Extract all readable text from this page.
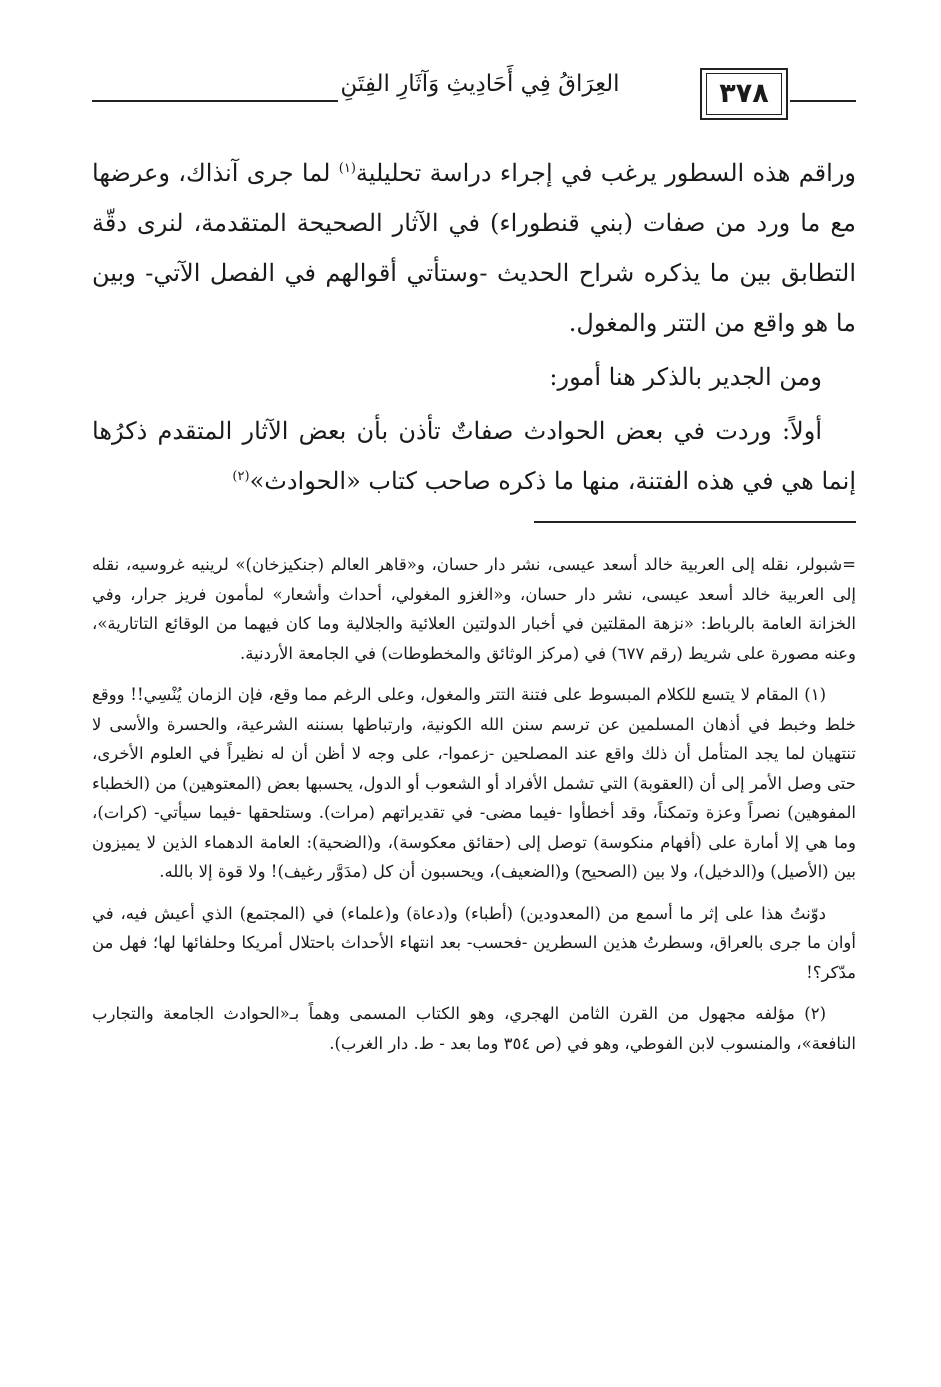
العِرَاقُ فِي أَحَادِيثِ وَآثَارِ الفِتَنِ	٣٧٨

وراقم هذه السطور يرغب في إجراء دراسة تحليلية$^{(١)}$ لما جرى آنذاك، وعرضها مع ما ورد من صفات (بني قنطوراء) في الآثار الصحيحة المتقدمة، لنرى دقّة التطابق بين ما يذكره شراح الحديث -وستأتي أقوالهم في الفصل الآتي- وبين ما هو واقع من التتر والمغول.

ومن الجدير بالذكر هنا أمور:

أولاً: وردت في بعض الحوادث صفاتٌ تأذن بأن بعض الآثار المتقدم ذكرُها إنما هي في هذه الفتنة، منها ما ذكره صاحب كتاب «الحوادث»$^{(٢)}$

=شبولر، نقله إلى العربية خالد أسعد عيسى، نشر دار حسان، و«قاهر العالم (جنكيزخان)» لرينيه غروسيه، نقله إلى العربية خالد أسعد عيسى، نشر دار حسان، و«الغزو المغولي، أحداث وأشعار» لمأمون فريز جرار، وفي الخزانة العامة بالرباط: «نزهة المقلتين في أخبار الدولتين العلائية والجلالية وما كان فيهما من الوقائع التاتارية»، وعنه مصورة على شريط (رقم ٦٧٧) في (مركز الوثائق والمخطوطات) في الجامعة الأردنية.

(١) المقام لا يتسع للكلام المبسوط على فتنة التتر والمغول، وعلى الرغم مما وقع، فإن الزمان يُنْسِي!! ووقع خلط وخبط في أذهان المسلمين عن ترسم سنن الله الكونية، وارتباطها بسننه الشرعية، والحسرة والأسى لا تنتهيان لما يجد المتأمل أن ذلك واقع عند المصلحين -زعموا-، على وجه لا أظن أن له نظيراً في العلوم الأخرى، حتى وصل الأمر إلى أن (العقوبة) التي تشمل الأفراد أو الشعوب أو الدول، يحسبها بعض (المعتوهين) من (الخطباء المفوهين) نصراً وعزة وتمكناً، وقد أخطأوا -فيما مضى- في تقديراتهم (مرات). وستلحقها -فيما سيأتي- (كرات)، وما هي إلا أمارة على (أفهام منكوسة) توصل إلى (حقائق معكوسة)، و(الضحية): العامة الدهماء الذين لا يميزون بين (الأصيل) و(الدخيل)، ولا بين (الصحيح) و(الضعيف)، ويحسبون أن كل (مدَوَّر رغيف)! ولا قوة إلا بالله.

دوّنتُ هذا على إثر ما أسمع من (المعدودين) (أطباء) و(دعاة) و(علماء) في (المجتمع) الذي أعيش فيه، في أوان ما جرى بالعراق، وسطرتُ هذين السطرين -فحسب- بعد انتهاء الأحداث باحتلال أمريكا وحلفائها لها؛ فهل من مدّكر؟!

(٢) مؤلفه مجهول من القرن الثامن الهجري، وهو الكتاب المسمى وهماً بـ«الحوادث الجامعة والتجارب النافعة»، والمنسوب لابن الفوطي، وهو في (ص ٣٥٤ وما بعد - ط. دار الغرب).
